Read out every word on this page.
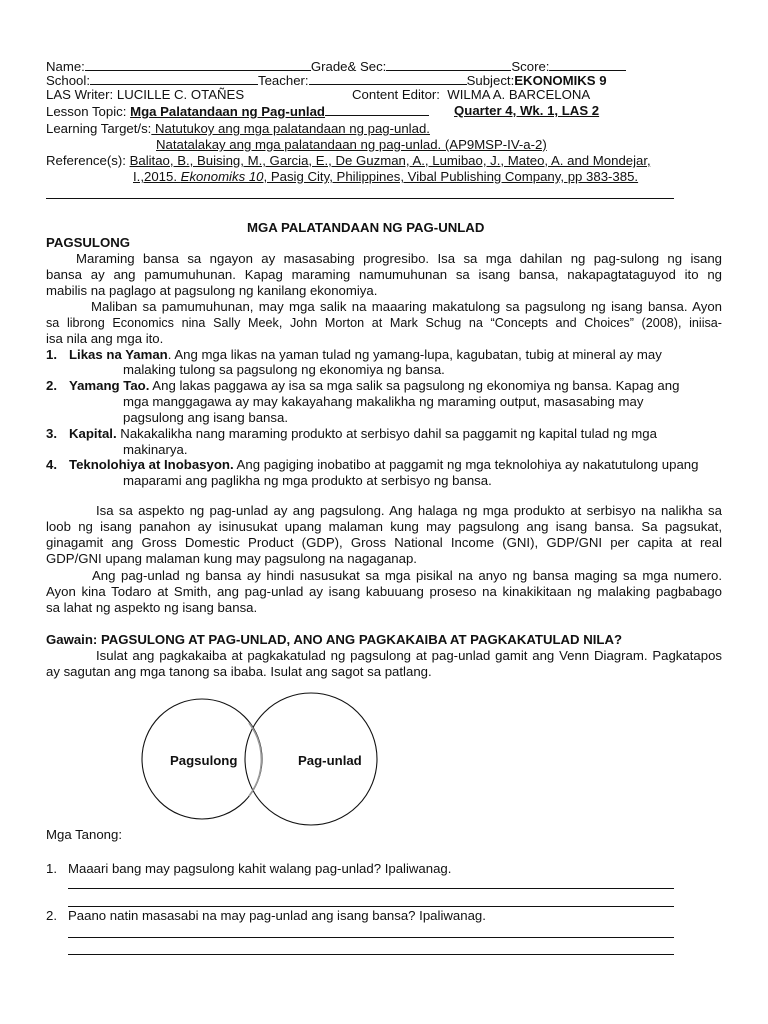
Name:	Grade& Sec:	Score:
School:	Teacher:	Subject:EKONOMIKS 9
LAS Writer: LUCILLE C. OTAÑES	Content Editor: WILMA A. BARCELONA
Lesson Topic: Mga Palatandaan ng Pag-unlad	Quarter 4, Wk. 1, LAS 2
Learning Target/s: Natutukoy ang mga palatandaan ng pag-unlad.
Natatalakay ang mga palatandaan ng pag-unlad. (AP9MSP-IV-a-2)
Reference(s): Balitao, B., Buising, M., Garcia, E., De Guzman, A., Lumibao, J., Mateo, A. and Mondejar,
I.,2015. Ekonomiks 10, Pasig City, Philippines, Vibal Publishing Company, pp 383-385.
MGA PALATANDAAN NG PAG-UNLAD
PAGSULONG
Maraming bansa sa ngayon ay masasabing progresibo. Isa sa mga dahilan ng pag-sulong ng isang
bansa ay ang pamumuhunan. Kapag maraming namumuhunan sa isang bansa, nakapagtataguyod ito ng
mabilis na paglago at pagsulong ng kanilang ekonomiya.
Maliban sa pamumuhunan, may mga salik na maaaring makatulong sa pagsulong ng isang bansa. Ayon
sa librong Economics nina Sally Meek, John Morton at Mark Schug na “Concepts and Choices” (2008), iniisa-
isa nila ang mga ito.
1. Likas na Yaman. Ang mga likas na yaman tulad ng yamang-lupa, kagubatan, tubig at mineral ay may
malaking tulong sa pagsulong ng ekonomiya ng bansa.
2. Yamang Tao. Ang lakas paggawa ay isa sa mga salik sa pagsulong ng ekonomiya ng bansa. Kapag ang
mga manggagawa ay may kakayahang makalikha ng maraming output, masasabing may
pagsulong ang isang bansa.
3. Kapital. Nakakalikha nang maraming produkto at serbisyo dahil sa paggamit ng kapital tulad ng mga
makinarya.
4. Teknolohiya at Inobasyon. Ang pagiging inobatibo at paggamit ng mga teknolohiya ay nakatutulong upang
maparami ang paglikha ng mga produkto at serbisyo ng bansa.
Isa sa aspekto ng pag-unlad ay ang pagsulong. Ang halaga ng mga produkto at serbisyo na nalikha sa
loob ng isang panahon ay isinusukat upang malaman kung may pagsulong ang isang bansa. Sa pagsukat,
ginagamit ang Gross Domestic Product (GDP), Gross National Income (GNI), GDP/GNI per capita at real
GDP/GNI upang malaman kung may pagsulong na nagaganap.
Ang pag-unlad ng bansa ay hindi nasusukat sa mga pisikal na anyo ng bansa maging sa mga numero.
Ayon kina Todaro at Smith, ang pag-unlad ay isang kabuuang proseso na kinakikitaan ng malaking pagbabago
sa lahat ng aspekto ng isang bansa.
Gawain: PAGSULONG AT PAG-UNLAD, ANO ANG PAGKAKAIBA AT PAGKAKATULAD NILA?
Isulat ang pagkakaiba at pagkakatulad ng pagsulong at pag-unlad gamit ang Venn Diagram. Pagkatapos
ay sagutan ang mga tanong sa ibaba. Isulat ang sagot sa patlang.
Pagsulong	Pag-unlad
Mga Tanong:
1. Maaari bang may pagsulong kahit walang pag-unlad? Ipaliwanag.
2. Paano natin masasabi na may pag-unlad ang isang bansa? Ipaliwanag.
